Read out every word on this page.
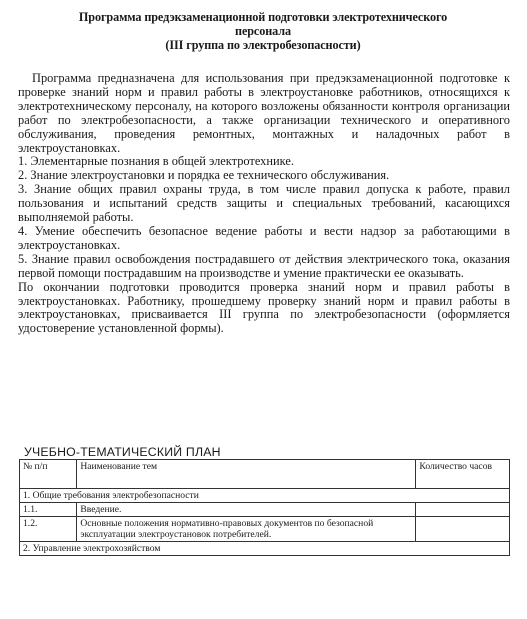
Программа предэкзаменационной подготовки электротехнического
персонала
(III группа по электробезопасности)

Программа предназначена для использования при предэкзаменационной подготовке к проверке знаний норм и правил работы в электроустановке работников, относящихся к электротехническому персоналу, на которого возложены обязанности контроля организации работ по электробезопасности, а также организации технического и оперативного обслуживания, проведения ремонтных, монтажных и наладочных работ в электроустановках.

1. Элементарные познания в общей электротехнике.

2. Знание электроустановки и порядка ее технического обслуживания.

3. Знание общих правил охраны труда, в том числе правил допуска к работе, правил пользования и испытаний средств защиты и специальных требований, касающихся выполняемой работы.

4. Умение обеспечить безопасное ведение работы и вести надзор за работающими в электроустановках.

5. Знание правил освобождения пострадавшего от действия электрического тока, оказания первой помощи пострадавшим на производстве и умение практически ее оказывать.

По окончании подготовки проводится проверка знаний норм и правил работы в электроустановках. Работнику, прошедшему проверку знаний норм и правил работы в электроустановках, присваивается III группа по электробезопасности (оформляется удостоверение установленной формы).

УЧЕБНО-ТЕМАТИЧЕСКИЙ ПЛАН
№ п/п	Наименование тем	Количество часов
1. Общие требования электробезопасности		
1.1.	Введение.	
1.2.	Основные положения нормативно-правовых документов по безопасной эксплуатации электроустановок потребителей.	
2. Управление электрохозяйством		
